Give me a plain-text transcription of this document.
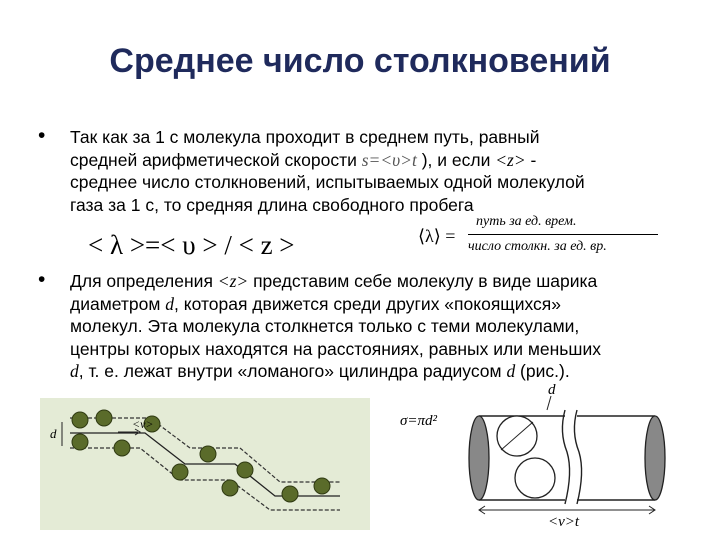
Среднее число столкновений
• Так как за 1 с молекула проходит в среднем путь, равный
средней арифметической скорости s=<υ>t ), и если <z> -
среднее число столкновений, испытываемых одной молекулой
газа за 1 с, то средняя длина свободного пробега
< λ >=< υ > / < z >	⟨λ⟩ =
путь за ед. врем.
число столкн. за ед. вр.
• Для определения <z> представим себе молекулу в виде шарика
диаметром d, которая движется среди других «покоящихся»
молекул. Эта молекула столкнется только с теми молекулами,
центры которых находятся на расстояниях, равных или меньших
d, т. е. лежат внутри «ломаного» цилиндра радиусом d (рис.).
<v>
d
d
σ=πd²
<v>t
